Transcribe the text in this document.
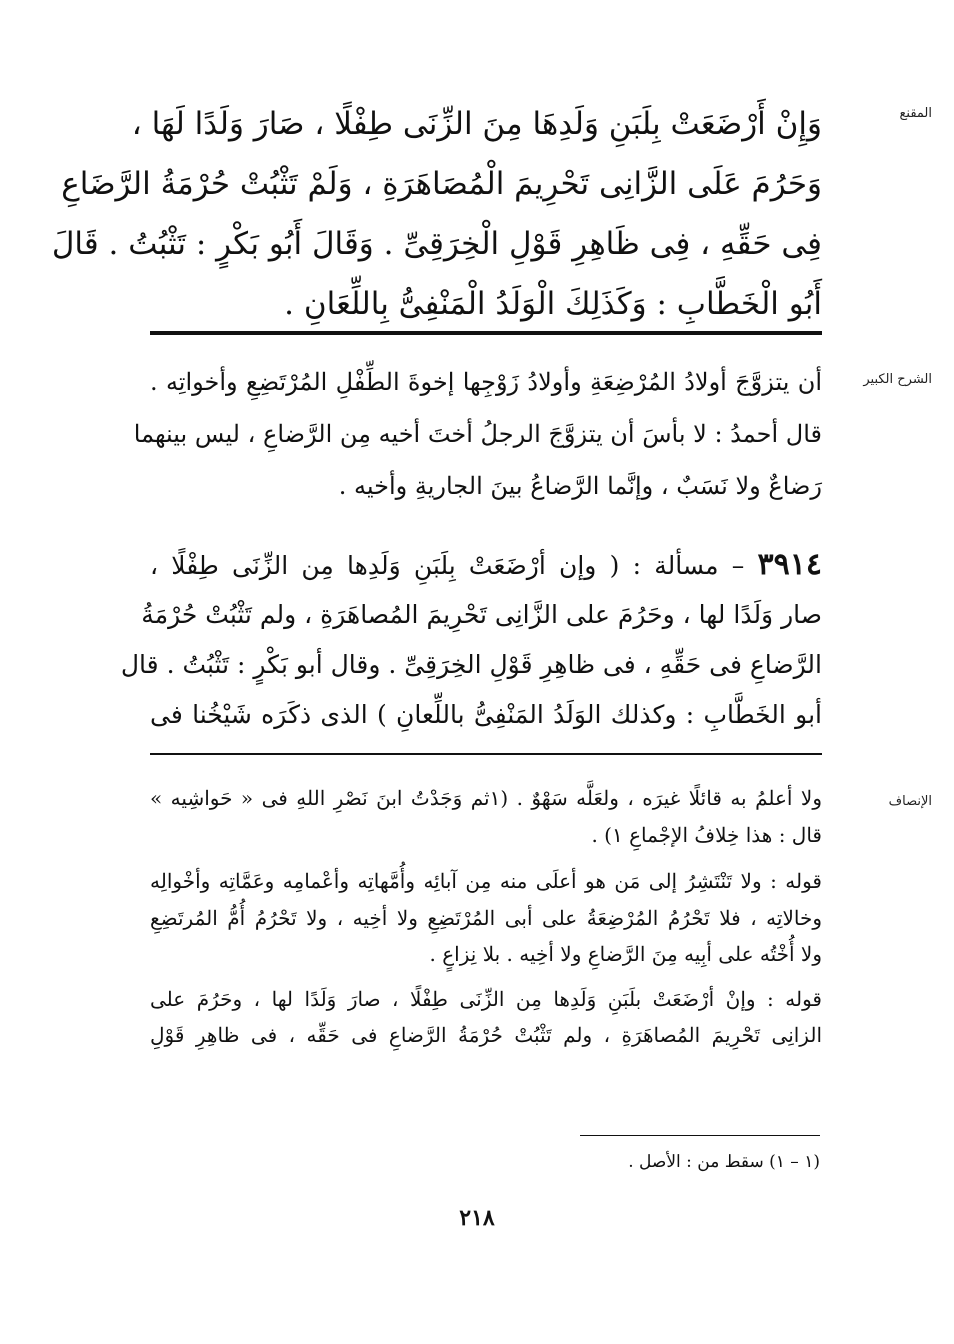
المقنع
وَإِنْ أَرْضَعَتْ بِلَبَنِ وَلَدِهَا مِنَ الزِّنَى طِفْلًا ، صَارَ وَلَدًا لَهَا ،
وَحَرُمَ عَلَى الزَّانِى تَحْرِيمَ الْمُصَاهَرَةِ ، وَلَمْ تَثْبُتْ حُرْمَةُ الرَّضَاعِ
فِى حَقِّهِ ، فِى ظَاهِرِ قَوْلِ الْخِرَقِىِّ . وَقَالَ أَبُو بَكْرٍ : تَثْبُتُ . قَالَ
أَبُو الْخَطَّابِ : وَكَذَلِكَ الْوَلَدُ الْمَنْفِىُّ بِاللِّعَانِ .
الشرح الكبير
أن يتزوَّجَ أولادُ المُرْضِعَةِ وأولادُ زَوْجِها إخوةَ الطِّفْلِ المُرْتَضِعِ وأخواتِه .
قال أحمدُ : لا بأسَ أن يتزوَّجَ الرجلُ أختَ أخيه مِن الرَّضاعِ ، ليس بينهما
رَضاعٌ ولا نَسَبٌ ، وإنَّما الرَّضاعُ بينَ الجاريةِ وأخيه .
٣٩١٤ – مسألة : ( وإن أرْضَعَتْ بِلَبَنِ وَلَدِها مِن الزِّنَى طِفْلًا ،
صار وَلَدًا لها ، وحَرُمَ على الزَّانِى تَحْرِيمَ المُصاهَرَةِ ، ولم تَثْبُتْ حُرْمَةُ
الرَّضاعِ فى حَقِّهِ ، فى ظاهِرِ قَوْلِ الخِرَقِىِّ . وقال أبو بَكْرٍ : تَثْبُتُ . قال
أبو الخَطَّابِ : وكذلك الوَلَدُ المَنْفِىُّ باللِّعانِ ) الذى ذكَرَه شَيْخُنا فى
الإنصاف
ولا أعلمُ به قائلًا غيرَه ، ولعَلَّه سَهْوٌ . (١ثم وَجَدْتُ ابنَ نَصْرِ اللهِ فى « حَواشِيه »
قال : هذا خِلافُ الإجْماعِ ١) .
قوله : ولا تَنْتَشِرُ إلى مَن هو أعلَى منه مِن آبائِه وأُمَّهاتِه وأعْمامِه وعَمَّاتِه وأخْوالِه
وخالاتِه ، فلا تَحْرُمُ المُرْضِعَةُ على أبى المُرْتَضِعِ ولا أخِيه ، ولا تَحْرُمُ أُمُّ المُرتَضِعِ
ولا أُخْتُه على أبِيه مِنَ الرَّضاعِ ولا أخِيه . بلا نِزاعٍ .
قوله : وإنْ أرْضَعَتْ بلَبَنِ وَلَدِها مِن الزِّنَى طِفْلًا ، صارَ وَلَدًا لها ، وحَرُمَ على
الزانِى تَحْرِيمَ المُصاهَرَةِ ، ولم تَثْبُتْ حُرْمَةُ الرَّضاعِ فى حَقِّه ، فى ظاهِرِ قَوْلِ
(١ – ١) سقط من : الأصل .
٢١٨
